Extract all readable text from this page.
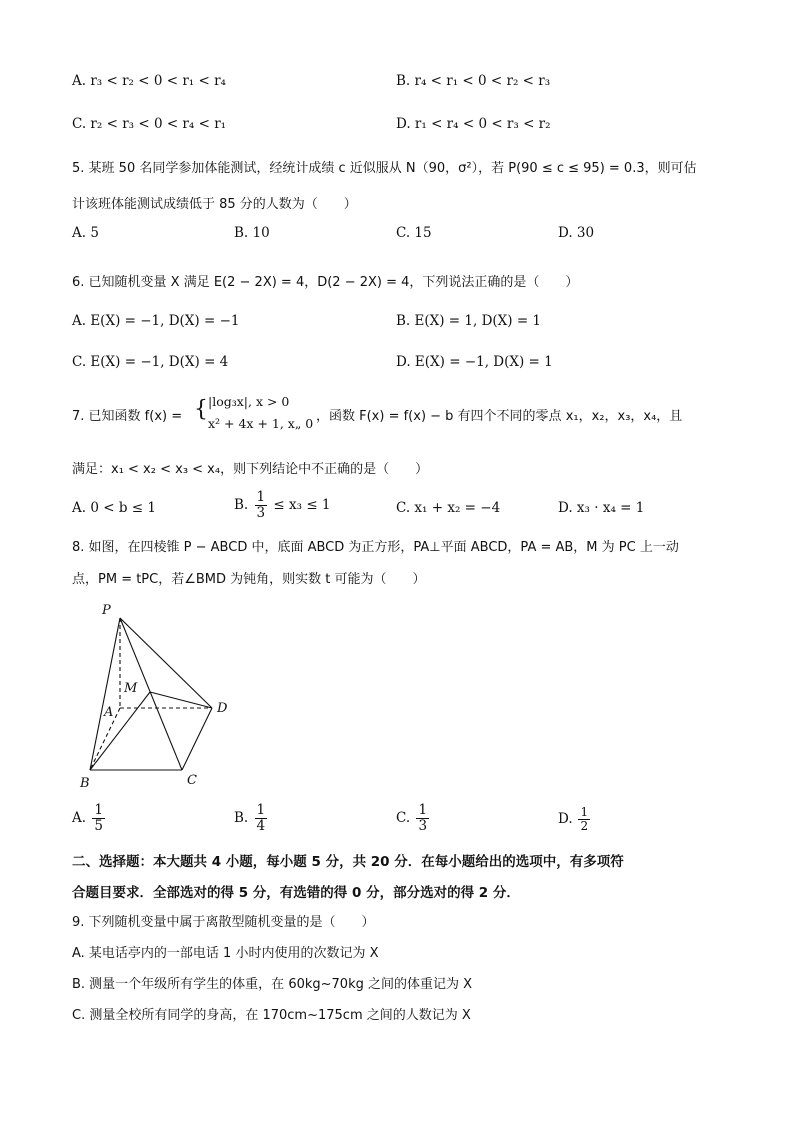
A. r₃ < r₂ < 0 < r₁ < r₄	B. r₄ < r₁ < 0 < r₂ < r₃
C. r₂ < r₃ < 0 < r₄ < r₁	D. r₁ < r₄ < 0 < r₃ < r₂
5. 某班 50 名同学参加体能测试，经统计成绩 c 近似服从 N（90，σ²），若 P(90 ≤ c ≤ 95) = 0.3，则可估
计该班体能测试成绩低于 85 分的人数为（　　）
A. 5	B. 10	C. 15	D. 30
6. 已知随机变量 X 满足 E(2 − 2X) = 4，D(2 − 2X) = 4，下列说法正确的是（　　）
A. E(X) = −1, D(X) = −1	B. E(X) = 1, D(X) = 1
C. E(X) = −1, D(X) = 4	D. E(X) = −1, D(X) = 1
7. 已知函数 f(x) = { |log₃x|, x > 0
x² + 4x + 1, x„ 0 ，函数 F(x) = f(x) − b 有四个不同的零点 x₁，x₂，x₃，x₄，且
满足：x₁ < x₂ < x₃ < x₄，则下列结论中不正确的是（　　）
A. 0 < b ≤ 1	B. $\frac{1}{3} \le x_3 \le 1$	C. x₁ + x₂ = −4	D. x₃ · x₄ = 1
8. 如图，在四棱锥 P − ABCD 中，底面 ABCD 为正方形，PA⊥平面 ABCD，PA = AB，M 为 PC 上一动
点，PM = tPC，若∠BMD 为钝角，则实数 t 可能为（　　）
P
M
A	D
B	C
A. $\frac{1}{5}$	B. $\frac{1}{4}$	C. $\frac{1}{3}$	D. $\frac{1}{2}$
二、选择题：本大题共 4 小题，每小题 5 分，共 20 分．在每小题给出的选项中，有多项符
合题目要求．全部选对的得 5 分，有选错的得 0 分，部分选对的得 2 分．
9. 下列随机变量中属于离散型随机变量的是（　　）
A. 某电话亭内的一部电话 1 小时内使用的次数记为 X
B. 测量一个年级所有学生的体重，在 60kg~70kg 之间的体重记为 X
C. 测量全校所有同学的身高，在 170cm~175cm 之间的人数记为 X
